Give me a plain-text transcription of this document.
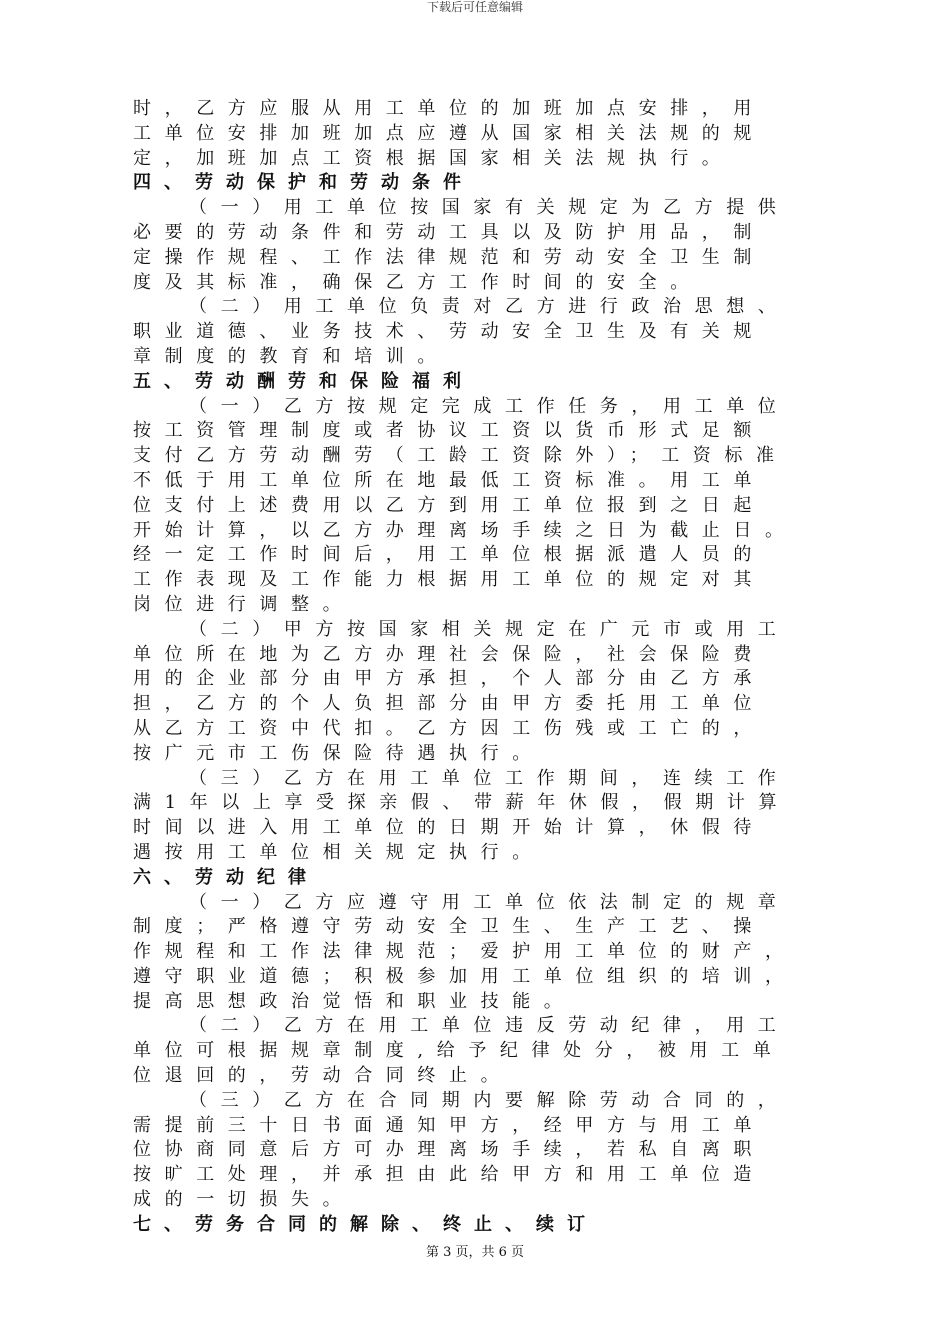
下载后可任意编辑
时，乙方应服从用工单位的加班加点安排，用
工单位安排加班加点应遵从国家相关法规的规
定，加班加点工资根据国家相关法规执行。
四、劳动保护和劳动条件
（一）用工单位按国家有关规定为乙方提供
必要的劳动条件和劳动工具以及防护用品，制
定操作规程、工作法律规范和劳动安全卫生制
度及其标准，确保乙方工作时间的安全。
（二）用工单位负责对乙方进行政治思想、
职业道德、业务技术、劳动安全卫生及有关规
章制度的教育和培训。
五、劳动酬劳和保险福利
（一）乙方按规定完成工作任务，用工单位
按工资管理制度或者协议工资以货币形式足额
支付乙方劳动酬劳（工龄工资除外）；工资标准
不低于用工单位所在地最低工资标准。用工单
位支付上述费用以乙方到用工单位报到之日起
开始计算，以乙方办理离场手续之日为截止日。
经一定工作时间后，用工单位根据派遣人员的
工作表现及工作能力根据用工单位的规定对其
岗位进行调整。
（二）甲方按国家相关规定在广元市或用工
单位所在地为乙方办理社会保险，社会保险费
用的企业部分由甲方承担，个人部分由乙方承
担，乙方的个人负担部分由甲方委托用工单位
从乙方工资中代扣。乙方因工伤残或工亡的，
按广元市工伤保险待遇执行。
（三）乙方在用工单位工作期间，连续工作
满1年以上享受探亲假、带薪年休假，假期计算
时间以进入用工单位的日期开始计算，休假待
遇按用工单位相关规定执行。
六、劳动纪律
（一）乙方应遵守用工单位依法制定的规章
制度；严格遵守劳动安全卫生、生产工艺、操
作规程和工作法律规范；爱护用工单位的财产，
遵守职业道德；积极参加用工单位组织的培训，
提高思想政治觉悟和职业技能。
（二）乙方在用工单位违反劳动纪律，用工
单位可根据规章制度,给予纪律处分，被用工单
位退回的，劳动合同终止。
（三）乙方在合同期内要解除劳动合同的，
需提前三十日书面通知甲方，经甲方与用工单
位协商同意后方可办理离场手续，若私自离职
按旷工处理，并承担由此给甲方和用工单位造
成的一切损失。
七、劳务合同的解除、终止、续订
第 3 页，共 6 页
